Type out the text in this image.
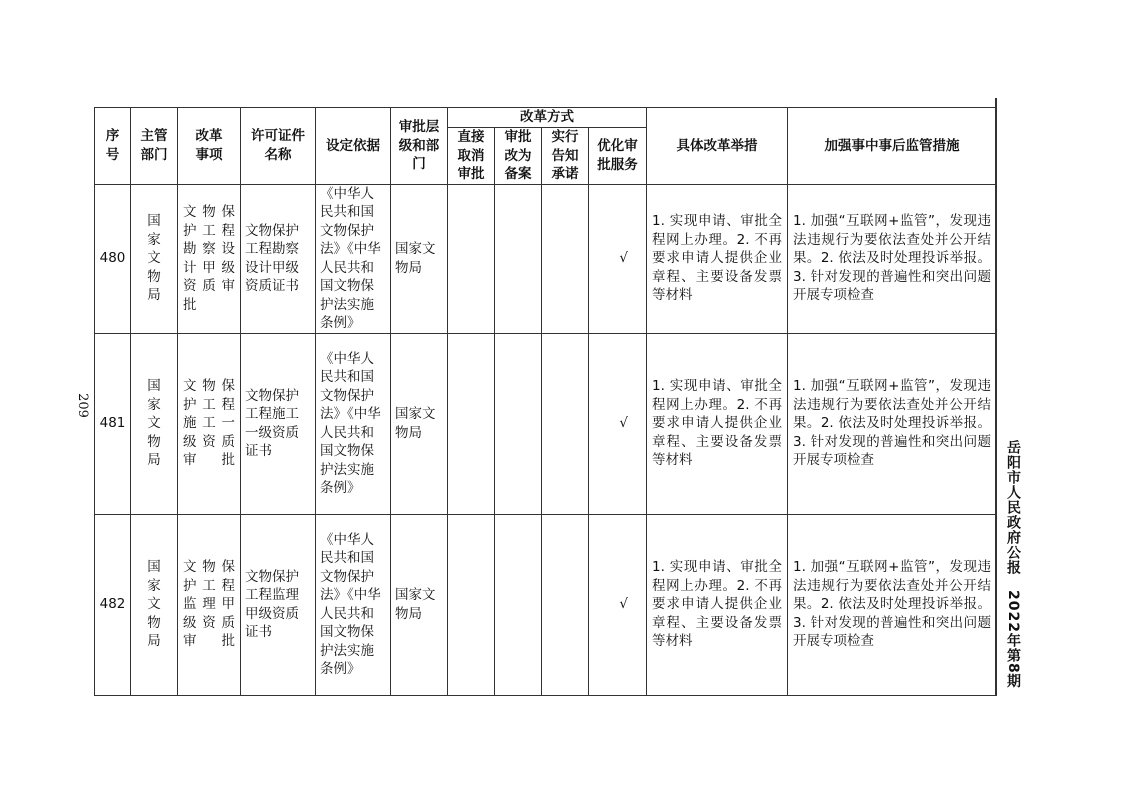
序号	主管部门	改革事项	许可证件名称	设定依据	审批层级和部门	改革方式				具体改革举措	加强事中事后监管措施
						直接取消审批	审批改为备案	实行告知承诺	优化审批服务		
480	国家文物局	文物保护工程勘察设计甲级资质审批	文物保护工程勘察设计甲级资质证书	《中华人民共和国文物保护法》《中华人民共和国文物保护法实施条例》	国家文物局				√	1. 实现申请、审批全程网上办理。2. 不再要求申请人提供企业章程、主要设备发票等材料	1. 加强“互联网+监管”，发现违法违规行为要依法查处并公开结果。2. 依法及时处理投诉举报。3. 针对发现的普遍性和突出问题开展专项检查
481	国家文物局	文物保护工程施工一级资质审批	文物保护工程施工一级资质证书	《中华人民共和国文物保护法》《中华人民共和国文物保护法实施条例》	国家文物局				√	1. 实现申请、审批全程网上办理。2. 不再要求申请人提供企业章程、主要设备发票等材料	1. 加强“互联网+监管”，发现违法违规行为要依法查处并公开结果。2. 依法及时处理投诉举报。3. 针对发现的普遍性和突出问题开展专项检查
482	国家文物局	文物保护工程监理甲级资质审批	文物保护工程监理甲级资质证书	《中华人民共和国文物保护法》《中华人民共和国文物保护法实施条例》	国家文物局				√	1. 实现申请、审批全程网上办理。2. 不再要求申请人提供企业章程、主要设备发票等材料	1. 加强“互联网+监管”，发现违法违规行为要依法查处并公开结果。2. 依法及时处理投诉举报。3. 针对发现的普遍性和突出问题开展专项检查	岳阳市人民政府公报　2022年第8期
209
